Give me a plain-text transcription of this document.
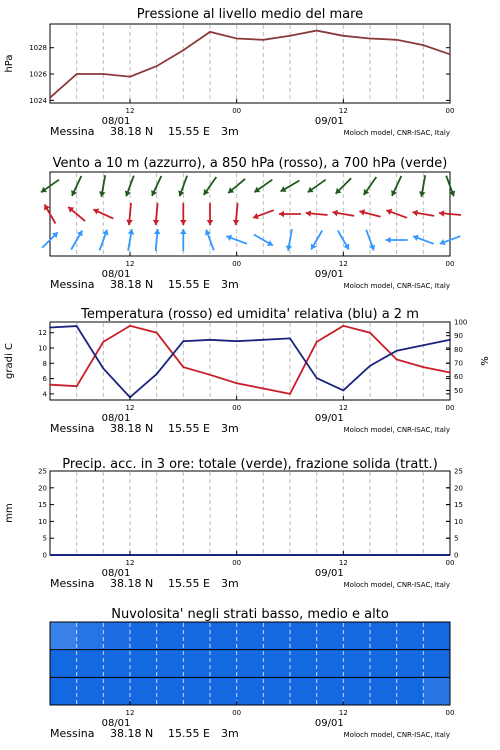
Pressione al livello medio del mare
1024
1026
1028
hPa
12	00	12	00
08/01	09/01
Messina 38.18 N 15.55 E 3m	Moloch model, CNR-ISAC, Italy
Vento a 10 m (azzurro), a 850 hPa (rosso), a 700 hPa (verde)
12	00	12	00
08/01	09/01
Messina 38.18 N 15.55 E 3m	Moloch model, CNR-ISAC, Italy
Temperatura (rosso) ed umidita' relativa (blu) a 2 m
4
6
8
10
12
50
60
70
80
90
100
gradi C	%
12	00	12	00
08/01	09/01
Messina 38.18 N 15.55 E 3m	Moloch model, CNR-ISAC, Italy
Precip. acc. in 3 ore: totale (verde), frazione solida (tratt.)
0
5
10
15
20
25
0
5
10
15
20
25
mm
12	00	12	00
08/01	09/01
Messina 38.18 N 15.55 E 3m	Moloch model, CNR-ISAC, Italy
Nuvolosita' negli strati basso, medio e alto
12	00	12	00
08/01	09/01
Messina 38.18 N 15.55 E 3m	Moloch model, CNR-ISAC, Italy
